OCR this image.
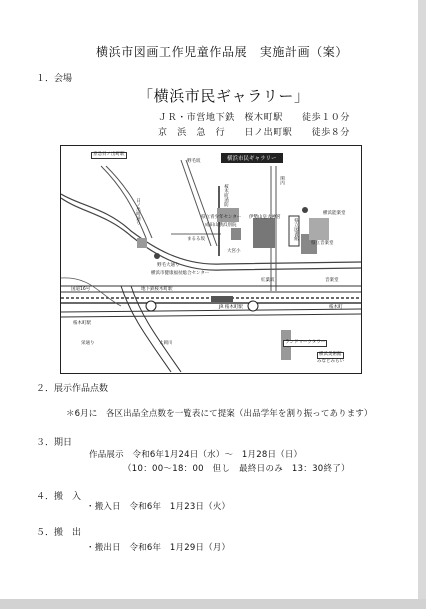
横浜市図画工作児童作品展　実施計画（案）
１．会場
「横浜市民ギャラリー」
ＪＲ・市営地下鉄　桜木町駅　　徒歩１０分
京　浜　急　行　　日ノ出町駅　　徒歩８分
横浜市民ギャラリー
京急日ノ出町駅
野毛坂
日ノ出町通り
桜木町消防
県立青少年センター 伊勢山皇大神宮
成田山横浜別院
まるる坂
大宮小
野毛大通り
横浜市健康福祉総合センター
関内
横浜能楽堂
県立図書館
県立音楽堂
紅葉坂	音楽堂
地下鉄桜木町駅
国道16号
JR 桜木町駅	桜木町
桜木町駅
大岡川
栄通り	ランドマークタワー
横浜美術館
みなとみらい
２．展示作品点数
＊6月に　各区出品全点数を一覧表にて提案（出品学年を割り振ってあります）
３．期日
作品展示　令和6年1月24日（水）～　1月28日（日）
（10：00～18：00　但し　最終日のみ　13：30終了）
４．搬　入
・搬入日　令和6年　1月23日（火）
５．搬　出
・搬出日　令和6年　1月29日（月）
